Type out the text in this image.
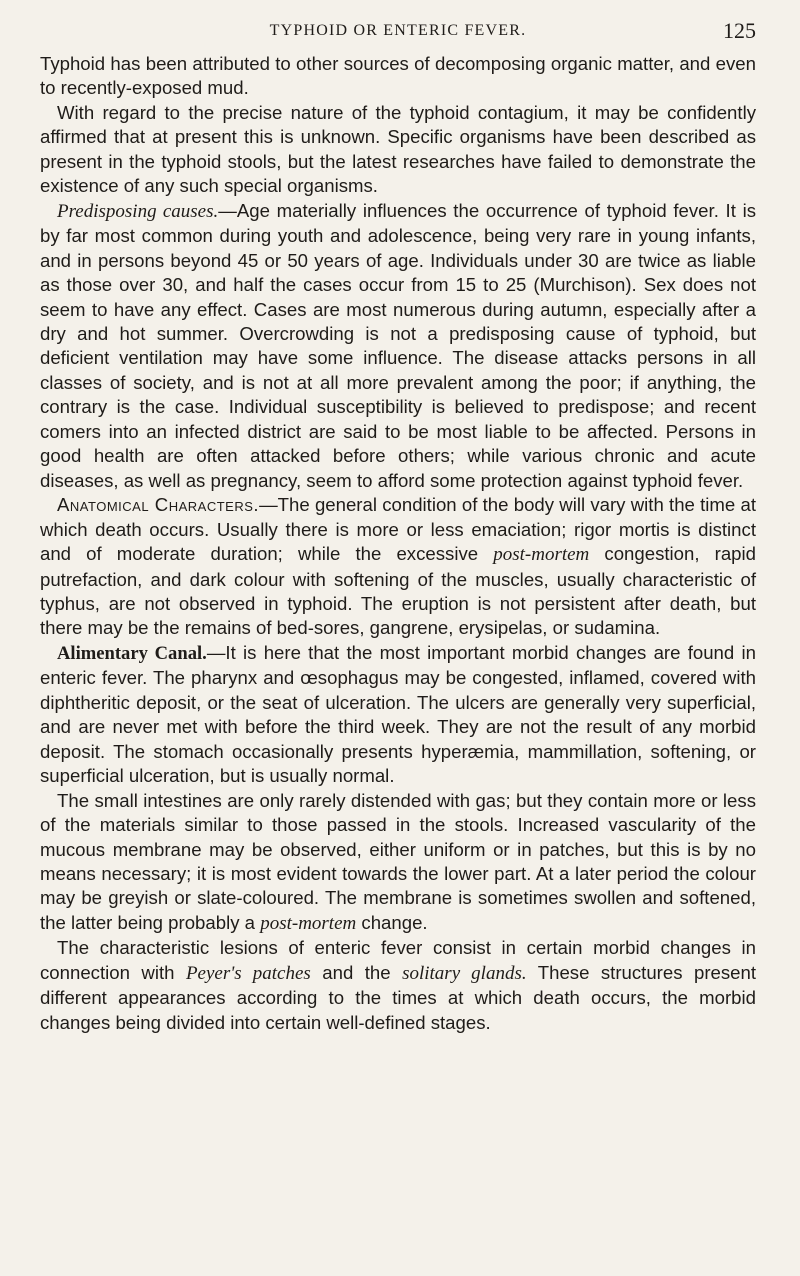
TYPHOID OR ENTERIC FEVER.	125

Typhoid has been attributed to other sources of decomposing organic matter, and even to recently-exposed mud.

With regard to the precise nature of the typhoid contagium, it may be confidently affirmed that at present this is unknown. Specific organisms have been described as present in the typhoid stools, but the latest researches have failed to demonstrate the existence of any such special organisms.

Predisposing causes.—Age materially influences the occurrence of typhoid fever. It is by far most common during youth and adolescence, being very rare in young infants, and in persons beyond 45 or 50 years of age. Individuals under 30 are twice as liable as those over 30, and half the cases occur from 15 to 25 (Murchison). Sex does not seem to have any effect. Cases are most numerous during autumn, especially after a dry and hot summer. Overcrowding is not a predisposing cause of typhoid, but deficient ventilation may have some influence. The disease attacks persons in all classes of society, and is not at all more prevalent among the poor; if anything, the contrary is the case. Individual susceptibility is believed to predispose; and recent comers into an infected district are said to be most liable to be affected. Persons in good health are often attacked before others; while various chronic and acute diseases, as well as pregnancy, seem to afford some protection against typhoid fever.

Anatomical Characters.—The general condition of the body will vary with the time at which death occurs. Usually there is more or less emaciation; rigor mortis is distinct and of moderate duration; while the excessive post-mortem congestion, rapid putrefaction, and dark colour with softening of the muscles, usually characteristic of typhus, are not observed in typhoid. The eruption is not persistent after death, but there may be the remains of bed-sores, gangrene, erysipelas, or sudamina.

Alimentary Canal.—It is here that the most important morbid changes are found in enteric fever. The pharynx and œsophagus may be congested, inflamed, covered with diphtheritic deposit, or the seat of ulceration. The ulcers are generally very superficial, and are never met with before the third week. They are not the result of any morbid deposit. The stomach occasionally presents hyperæmia, mammillation, softening, or superficial ulceration, but is usually normal.

The small intestines are only rarely distended with gas; but they contain more or less of the materials similar to those passed in the stools. Increased vascularity of the mucous membrane may be observed, either uniform or in patches, but this is by no means necessary; it is most evident towards the lower part. At a later period the colour may be greyish or slate-coloured. The membrane is sometimes swollen and softened, the latter being probably a post-mortem change.

The characteristic lesions of enteric fever consist in certain morbid changes in connection with Peyer's patches and the solitary glands. These structures present different appearances according to the times at which death occurs, the morbid changes being divided into certain well-defined stages.
